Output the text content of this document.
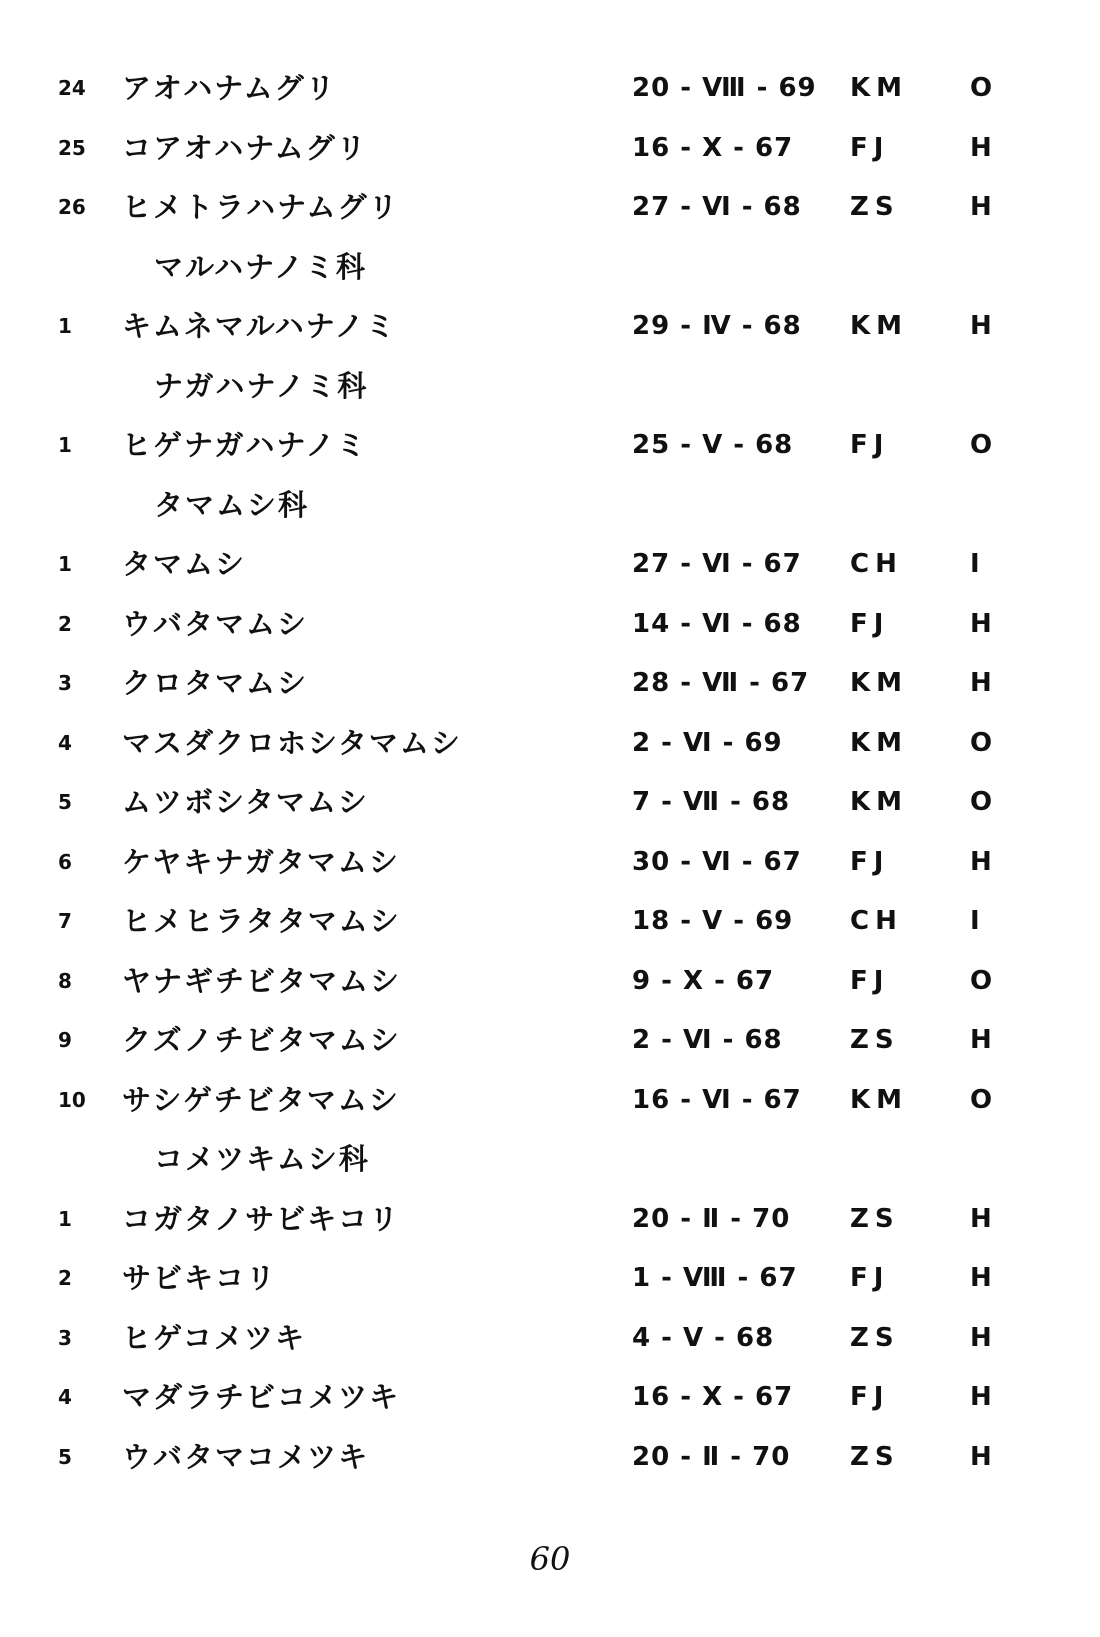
24	アオハナムグリ	20 - Ⅷ - 69 KM O
25	コアオハナムグリ	16 - X - 67 FJ	H
26	ヒメトラハナムグリ	27 - Ⅵ - 68 ZS	H
マルハナノミ科
1	キムネマルハナノミ	29 - Ⅳ - 68 KM H
ナガハナノミ科
1	ヒゲナガハナノミ	25 - V - 68 FJ	O
タマムシ科
1	タマムシ	27 - Ⅵ - 67 CH	I
2	ウバタマムシ	14 - Ⅵ - 68 FJ	H
3	クロタマムシ	28 - Ⅶ - 67 KM H
4	マスダクロホシタマムシ	2 - Ⅵ - 69	KM O
5	ムツボシタマムシ	7 - Ⅶ - 68 KM O
6	ケヤキナガタマムシ	30 - Ⅵ - 67 FJ	H
7	ヒメヒラタタマムシ	18 - V - 69 CH	I
8	ヤナギチビタマムシ	9 - X - 67	FJ	O
9	クズノチビタマムシ	2 - Ⅵ - 68	ZS	H
10	サシゲチビタマムシ	16 - Ⅵ - 67 KM O
コメツキムシ科
1	コガタノサビキコリ	20 - Ⅱ - 70 ZS	H
2	サビキコリ	1 - Ⅷ - 67 FJ	H
3	ヒゲコメツキ	4 - V - 68	ZS	H
4	マダラチビコメツキ	16 - X - 67 FJ	H
5	ウバタマコメツキ	20 - Ⅱ - 70 ZS	H
60
